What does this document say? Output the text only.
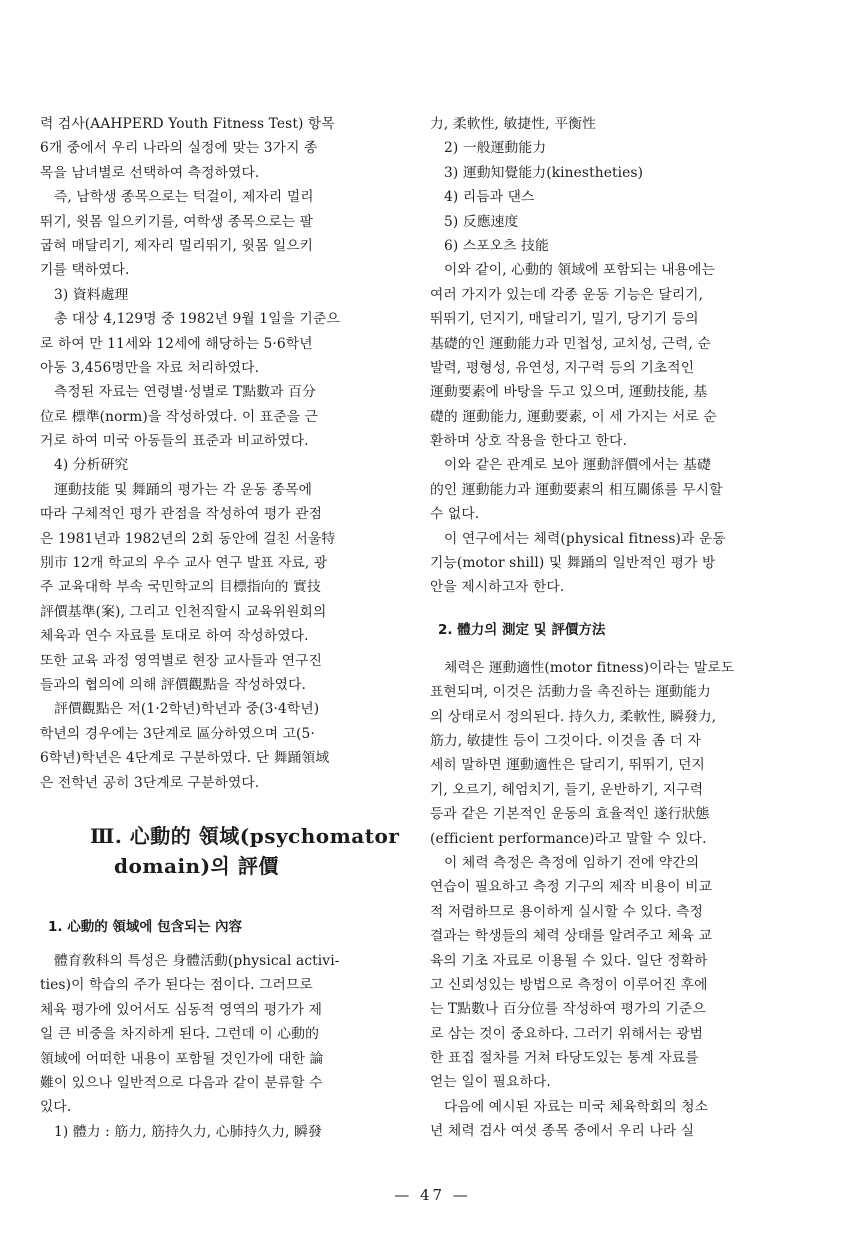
력 검사(AAHPERD Youth Fitness Test) 항목
6개 중에서 우리 나라의 실정에 맞는 3가지 종
목을 남녀별로 선택하여 측정하였다.
즉, 남학생 종목으로는 턱걸이, 제자리 멀리
뛰기, 윗몸 일으키기를, 여학생 종목으로는 팔
굽혀 매달리기, 제자리 멀리뛰기, 윗몸 일으키
기를 택하였다.
3) 資料處理
총 대상 4,129명 중 1982년 9월 1일을 기준으
로 하여 만 11세와 12세에 해당하는 5·6학년
아동 3,456명만을 자료 처리하였다.
측정된 자료는 연령별·성별로 T點數과 百分
位로 標準(norm)을 작성하였다. 이 표준을 근
거로 하여 미국 아동들의 표준과 비교하였다.
4) 分析硏究
運動技能 및 舞踊의 평가는 각 운동 종목에
따라 구체적인 평가 관점을 작성하여 평가 관점
은 1981년과 1982년의 2회 동안에 걸친 서울特
別市 12개 학교의 우수 교사 연구 발표 자료, 광
주 교육대학 부속 국민학교의 目標指向的 實技
評價基準(案), 그리고 인천직할시 교육위원회의
체육과 연수 자료를 토대로 하여 작성하였다.
또한 교육 과정 영역별로 현장 교사들과 연구진
들과의 협의에 의해 評價觀點을 작성하였다.
評價觀點은 저(1·2학년)학년과 중(3·4학년)
학년의 경우에는 3단계로 區分하였으며 고(5·
6학년)학년은 4단계로 구분하였다. 단 舞踊領域
은 전학년 공히 3단계로 구분하였다.
Ⅲ. 心動的 領域(psychomator
domain)의 評價
1. 心動的 領域에 包含되는 內容
體育敎科의 특성은 身體活動(physical activi-
ties)이 학습의 주가 된다는 점이다. 그러므로
체육 평가에 있어서도 심동적 영역의 평가가 제
일 큰 비중을 차지하게 된다. 그런데 이 心動的
領域에 어떠한 내용이 포함될 것인가에 대한 論
難이 있으나 일반적으로 다음과 같이 분류할 수
있다.
1) 體力 : 筋力, 筋持久力, 心肺持久力, 瞬發
力, 柔軟性, 敏捷性, 平衡性
2) 一般運動能力
3) 運動知覺能力(kinestheties)
4) 리듬과 댄스
5) 反應速度
6) 스포오츠 技能
이와 같이, 心動的 領域에 포함되는 내용에는
여러 가지가 있는데 각종 운동 기능은 달리기,
뛰뛰기, 던지기, 매달리기, 밀기, 당기기 등의
基礎的인 運動能力과 민첩성, 교치성, 근력, 순
발력, 평형성, 유연성, 지구력 등의 기초적인
運動要素에 바탕을 두고 있으며, 運動技能, 基
礎的 運動能力, 運動要素, 이 세 가지는 서로 순
환하며 상호 작용을 한다고 한다.
이와 같은 관계로 보아 運動評價에서는 基礎
的인 運動能力과 運動要素의 相互關係를 무시할
수 없다.
이 연구에서는 체력(physical fitness)과 운동
기능(motor shill) 및 舞踊의 일반적인 평가 방
안을 제시하고자 한다.
2. 體力의 測定 및 評價方法
체력은 運動適性(motor fitness)이라는 말로도
표현되며, 이것은 活動力을 촉진하는 運動能力
의 상태로서 정의된다. 持久力, 柔軟性, 瞬發力,
筋力, 敏捷性 등이 그것이다. 이것을 좀 더 자
세히 말하면 運動適性은 달리기, 뛰뛰기, 던지
기, 오르기, 헤엄치기, 들기, 운반하기, 지구력
등과 같은 기본적인 운동의 효율적인 遂行狀態
(efficient performance)라고 말할 수 있다.
이 체력 측정은 측정에 임하기 전에 약간의
연습이 필요하고 측정 기구의 제작 비용이 비교
적 저렴하므로 용이하게 실시할 수 있다. 측정
결과는 학생들의 체력 상태를 알려주고 체육 교
육의 기초 자료로 이용될 수 있다. 일단 정확하
고 신뢰성있는 방법으로 측정이 이루어진 후에
는 T點數나 百分位를 작성하여 평가의 기준으
로 삼는 것이 중요하다. 그러기 위해서는 광범
한 표집 절차를 거쳐 타당도있는 통계 자료를
얻는 일이 필요하다.
다음에 예시된 자료는 미국 체육학회의 청소
년 체력 검사 여섯 종목 중에서 우리 나라 실
— 47 —
